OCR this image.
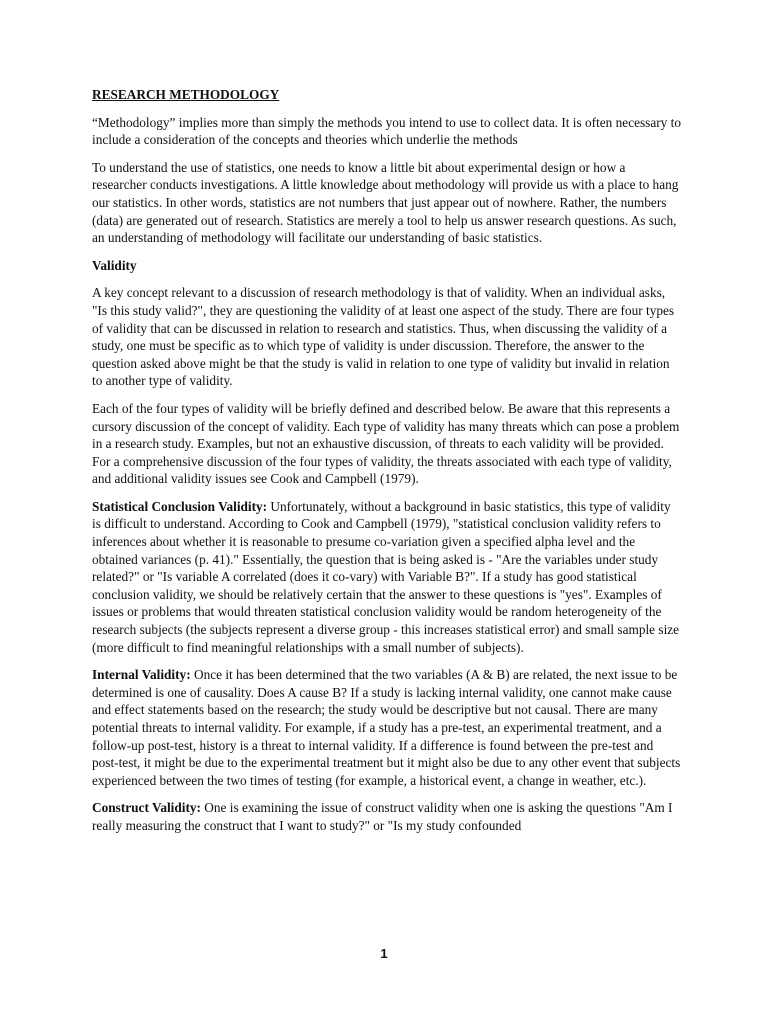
RESEARCH METHODOLOGY

“Methodology” implies more than simply the methods you intend to use to collect data. It is often necessary to include a consideration of the concepts and theories which underlie the methods

To understand the use of statistics, one needs to know a little bit about experimental design or how a researcher conducts investigations. A little knowledge about methodology will provide us with a place to hang our statistics. In other words, statistics are not numbers that just appear out of nowhere. Rather, the numbers (data) are generated out of research. Statistics are merely a tool to help us answer research questions. As such, an understanding of methodology will facilitate our understanding of basic statistics.

Validity

A key concept relevant to a discussion of research methodology is that of validity. When an individual asks, "Is this study valid?", they are questioning the validity of at least one aspect of the study. There are four types of validity that can be discussed in relation to research and statistics. Thus, when discussing the validity of a study, one must be specific as to which type of validity is under discussion. Therefore, the answer to the question asked above might be that the study is valid in relation to one type of validity but invalid in relation to another type of validity.

Each of the four types of validity will be briefly defined and described below. Be aware that this represents a cursory discussion of the concept of validity. Each type of validity has many threats which can pose a problem in a research study. Examples, but not an exhaustive discussion, of threats to each validity will be provided. For a comprehensive discussion of the four types of validity, the threats associated with each type of validity, and additional validity issues see Cook and Campbell (1979).

Statistical Conclusion Validity: Unfortunately, without a background in basic statistics, this type of validity is difficult to understand. According to Cook and Campbell (1979), "statistical conclusion validity refers to inferences about whether it is reasonable to presume co-variation given a specified alpha level and the obtained variances (p. 41)." Essentially, the question that is being asked is - "Are the variables under study related?" or "Is variable A correlated (does it co-vary) with Variable B?". If a study has good statistical conclusion validity, we should be relatively certain that the answer to these questions is "yes". Examples of issues or problems that would threaten statistical conclusion validity would be random heterogeneity of the research subjects (the subjects represent a diverse group - this increases statistical error) and small sample size (more difficult to find meaningful relationships with a small number of subjects).

Internal Validity: Once it has been determined that the two variables (A & B) are related, the next issue to be determined is one of causality. Does A cause B? If a study is lacking internal validity, one cannot make cause and effect statements based on the research; the study would be descriptive but not causal. There are many potential threats to internal validity. For example, if a study has a pre-test, an experimental treatment, and a follow-up post-test, history is a threat to internal validity. If a difference is found between the pre-test and post-test, it might be due to the experimental treatment but it might also be due to any other event that subjects experienced between the two times of testing (for example, a historical event, a change in weather, etc.).

Construct Validity: One is examining the issue of construct validity when one is asking the questions "Am I really measuring the construct that I want to study?" or "Is my study confounded

1
